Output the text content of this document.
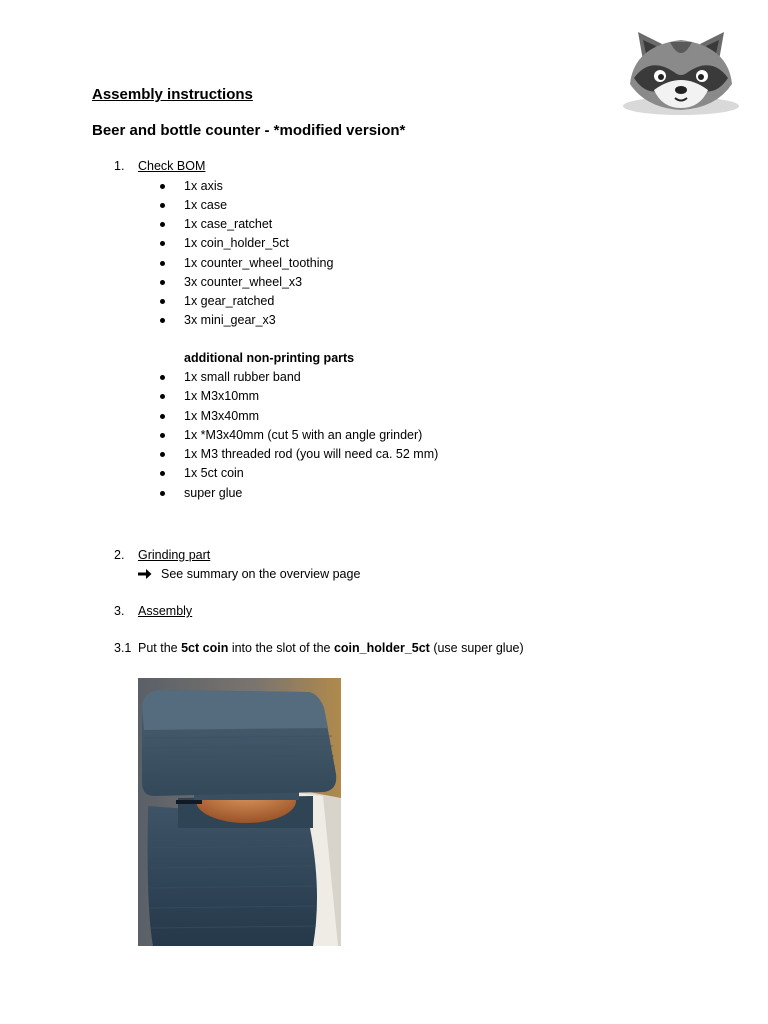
Assembly instructions
Beer and bottle counter - *modified version*
1. Check BOM
1x axis
1x case
1x case_ratchet
1x coin_holder_5ct
1x counter_wheel_toothing
3x counter_wheel_x3
1x gear_ratched
3x mini_gear_x3
additional non-printing parts
1x small rubber band
1x M3x10mm
1x M3x40mm
1x *M3x40mm (cut 5 with an angle grinder)
1x M3 threaded rod (you will need ca. 52 mm)
1x 5ct coin
super glue
2. Grinding part
See summary on the overview page
3. Assembly
3.1 Put the 5ct coin into the slot of the coin_holder_5ct (use super glue)
